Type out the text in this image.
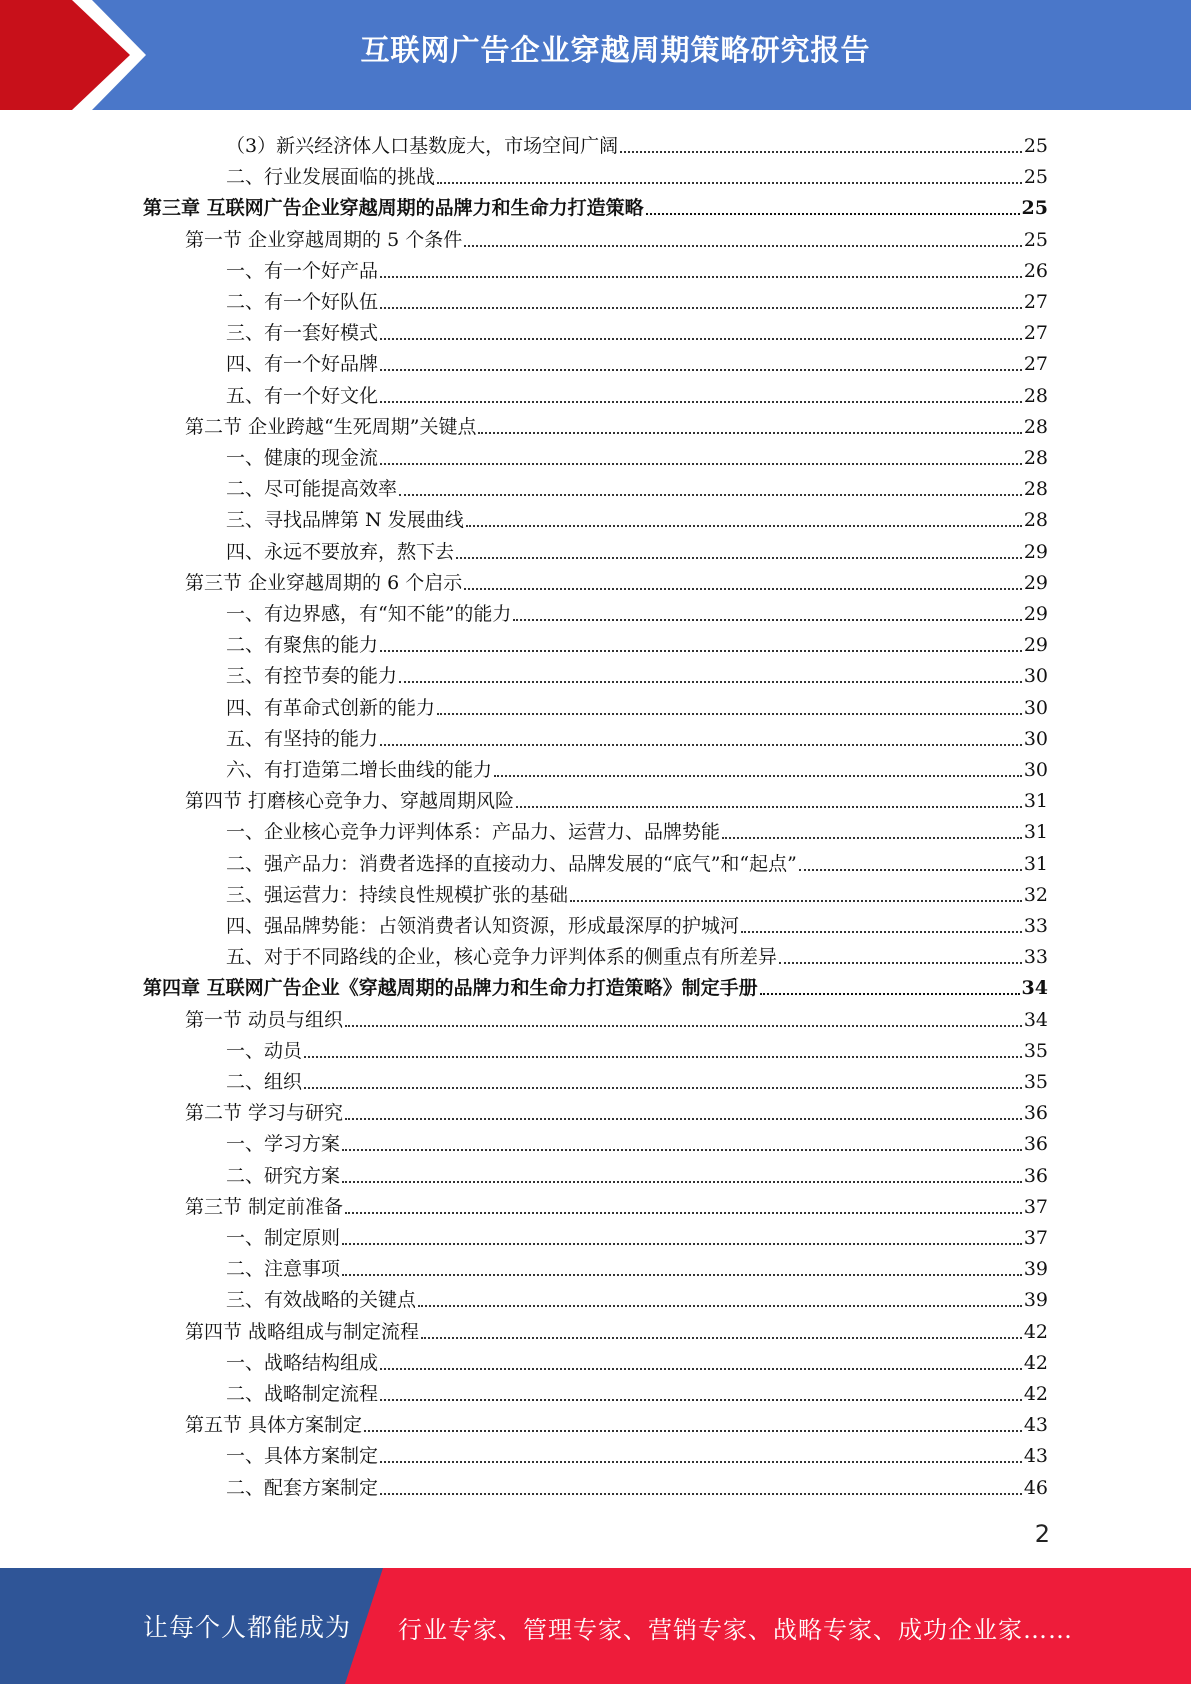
互联网广告企业穿越周期策略研究报告
（3）新兴经济体人口基数庞大，市场空间广阔	25
二、行业发展面临的挑战	25
第三章 互联网广告企业穿越周期的品牌力和生命力打造策略	25
第一节 企业穿越周期的 5 个条件	25
一、有一个好产品	26
二、有一个好队伍	27
三、有一套好模式	27
四、有一个好品牌	27
五、有一个好文化	28
第二节 企业跨越“生死周期”关键点	28
一、健康的现金流	28
二、尽可能提高效率	28
三、寻找品牌第 N 发展曲线	28
四、永远不要放弃，熬下去	29
第三节 企业穿越周期的 6 个启示	29
一、有边界感，有“知不能”的能力	29
二、有聚焦的能力	29
三、有控节奏的能力	30
四、有革命式创新的能力	30
五、有坚持的能力	30
六、有打造第二增长曲线的能力	30
第四节 打磨核心竞争力、穿越周期风险	31
一、企业核心竞争力评判体系：产品力、运营力、品牌势能	31
二、强产品力：消费者选择的直接动力、品牌发展的“底气”和“起点”	31
三、强运营力：持续良性规模扩张的基础	32
四、强品牌势能：占领消费者认知资源，形成最深厚的护城河	33
五、对于不同路线的企业，核心竞争力评判体系的侧重点有所差异	33
第四章 互联网广告企业《穿越周期的品牌力和生命力打造策略》制定手册	34
第一节 动员与组织	34
一、动员	35
二、组织	35
第二节 学习与研究	36
一、学习方案	36
二、研究方案	36
第三节 制定前准备	37
一、制定原则	37
二、注意事项	39
三、有效战略的关键点	39
第四节 战略组成与制定流程	42
一、战略结构组成	42
二、战略制定流程	42
第五节 具体方案制定	43
一、具体方案制定	43
二、配套方案制定	46
2
让每个人都能成为 行业专家、管理专家、营销专家、战略专家、成功企业家……
